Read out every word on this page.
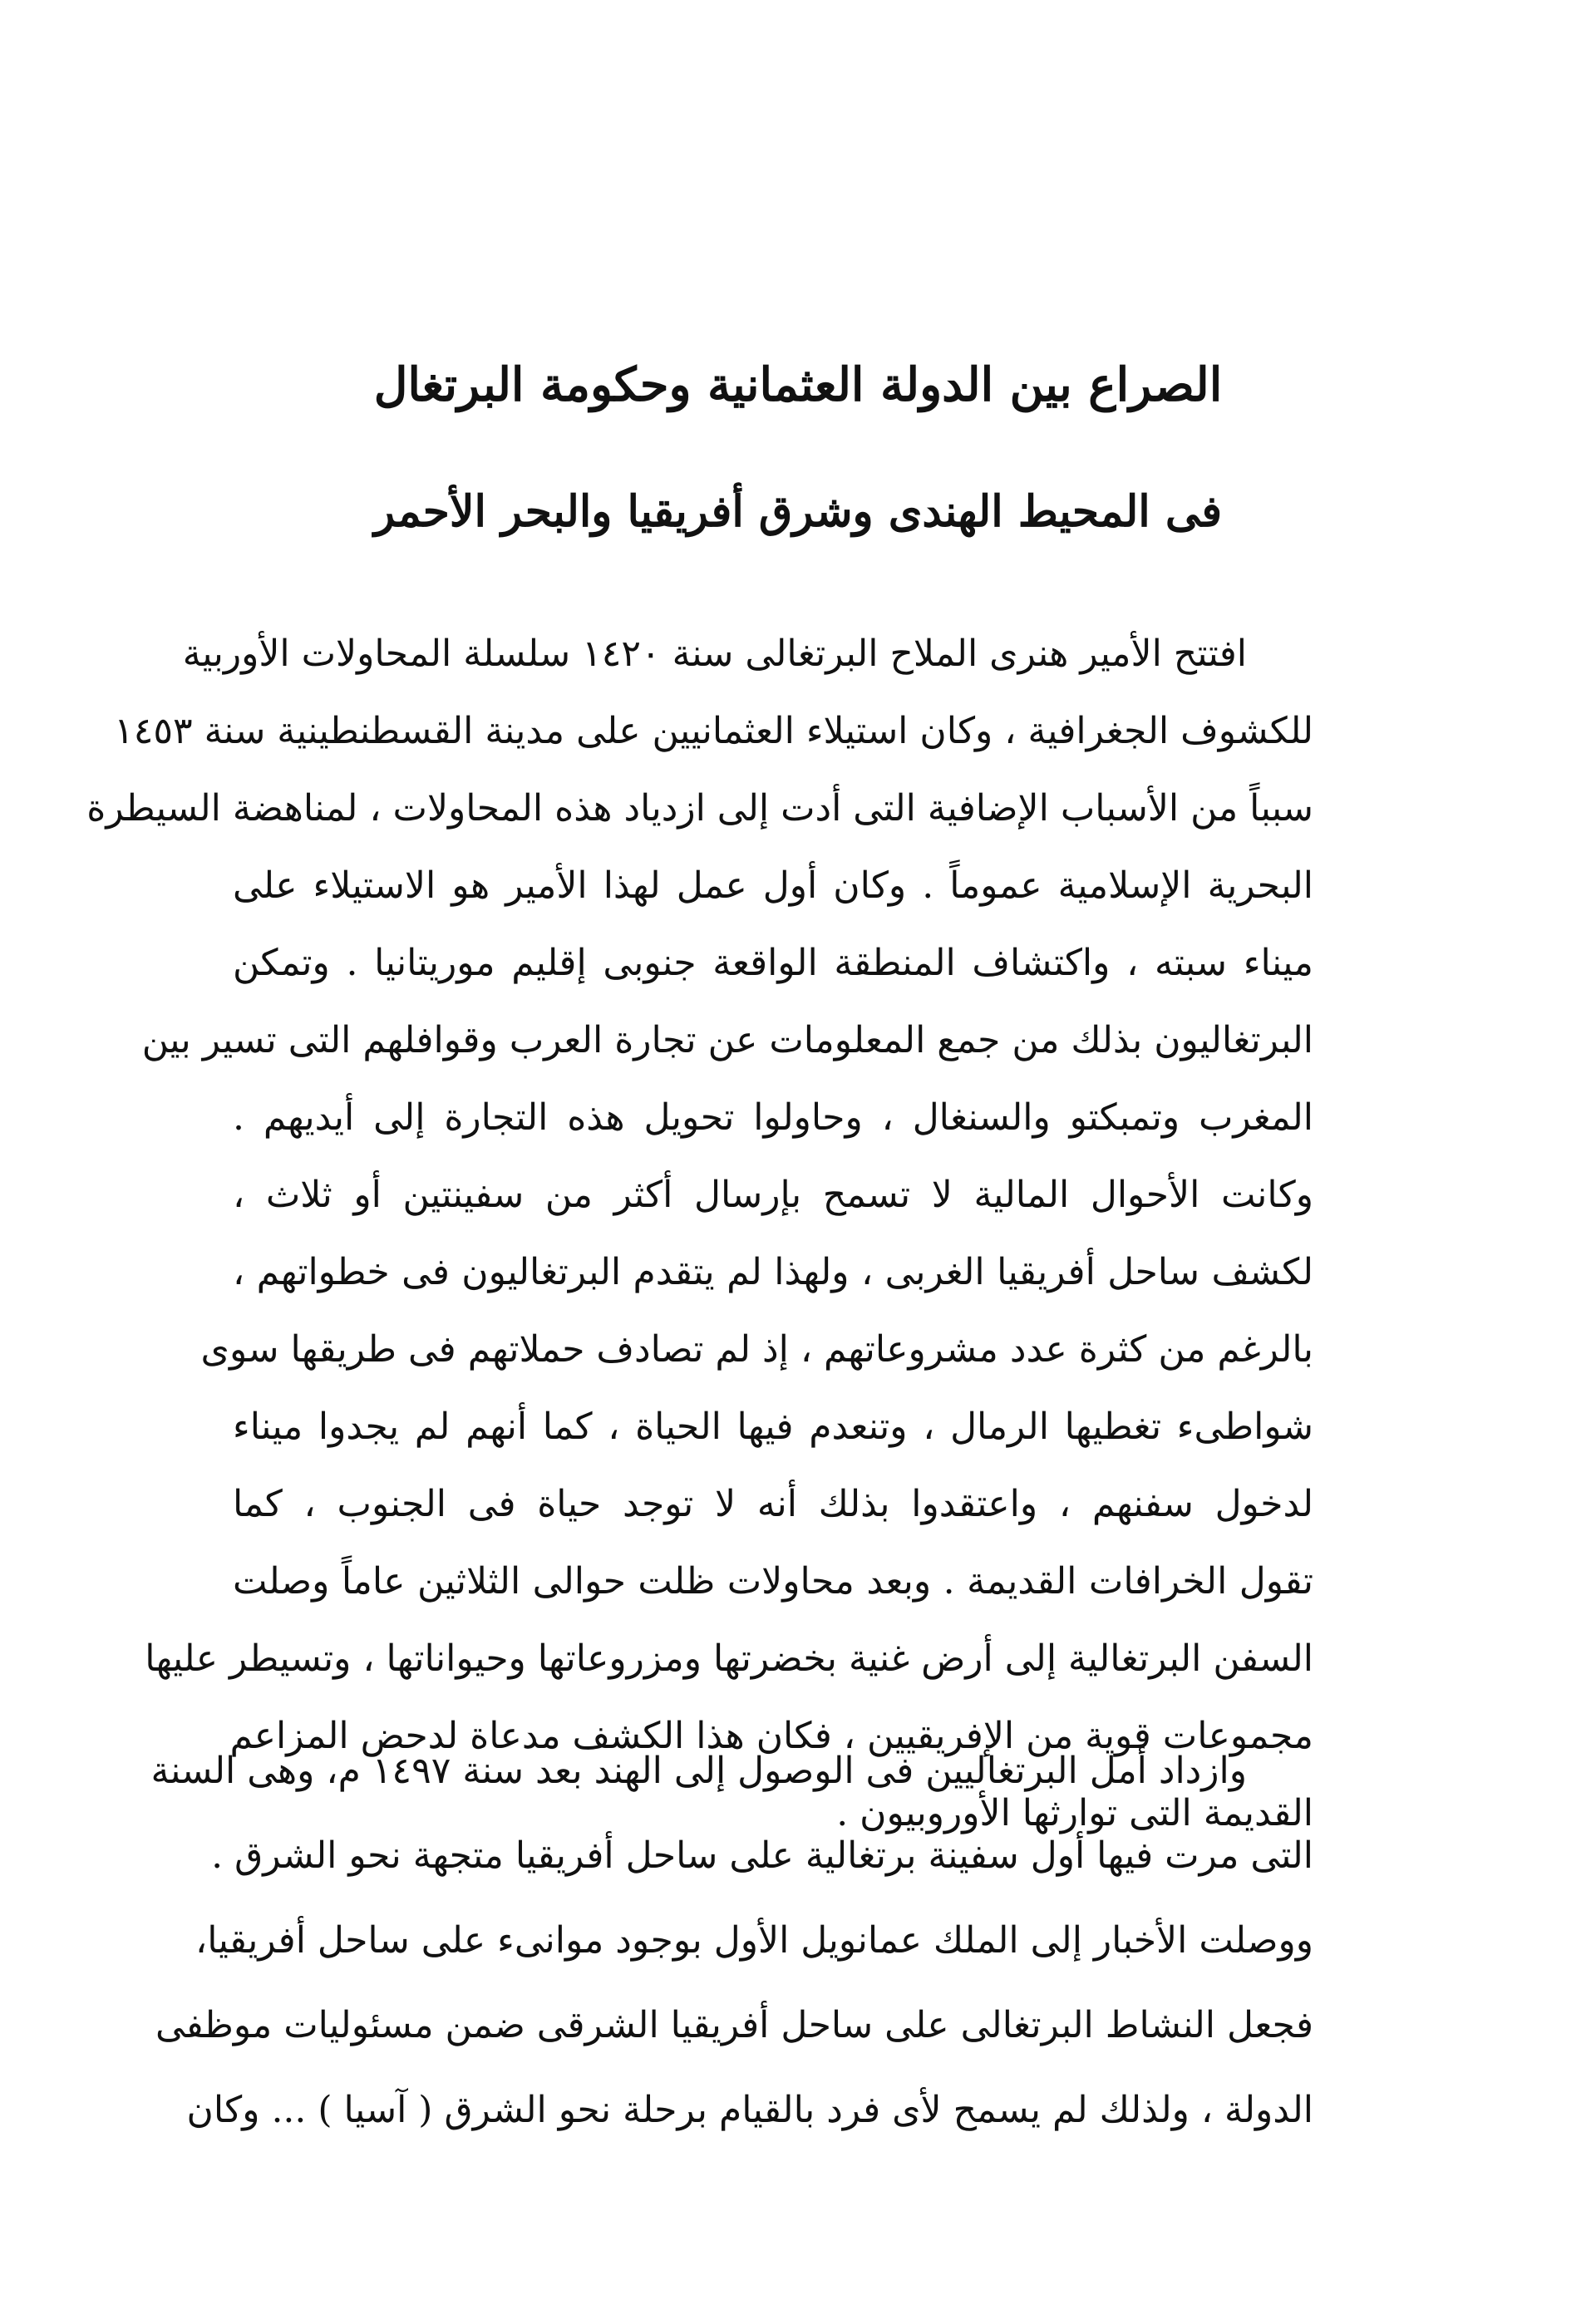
الصراع بين الدولة العثمانية وحكومة البرتغال
فى المحيط الهندى وشرق أفريقيا والبحر الأحمر
افتتح الأمير هنرى الملاح البرتغالى سنة ١٤٢٠ سلسلة المحاولات الأوربية
للكشوف الجغرافية ، وكان استيلاء العثمانيين على مدينة القسطنطينية سنة ١٤٥٣
سبباً من الأسباب الإضافية التى أدت إلى ازدياد هذه المحاولات ، لمناهضة السيطرة
البحرية الإسلامية عموماً . وكان أول عمل لهذا الأمير هو الاستيلاء على
ميناء سبته ، واكتشاف المنطقة الواقعة جنوبى إقليم موريتانيا . وتمكن
البرتغاليون بذلك من جمع المعلومات عن تجارة العرب وقوافلهم التى تسير بين
المغرب وتمبكتو والسنغال ، وحاولوا تحويل هذه التجارة إلى أيديهم .
وكانت الأحوال المالية لا تسمح بإرسال أكثر من سفينتين أو ثلاث ،
لكشف ساحل أفريقيا الغربى ، ولهذا لم يتقدم البرتغاليون فى خطواتهم ،
بالرغم من كثرة عدد مشروعاتهم ، إذ لم تصادف حملاتهم فى طريقها سوى
شواطىء تغطيها الرمال ، وتنعدم فيها الحياة ، كما أنهم لم يجدوا ميناء
لدخول سفنهم ، واعتقدوا بذلك أنه لا توجد حياة فى الجنوب ، كما
تقول الخرافات القديمة . وبعد محاولات ظلت حوالى الثلاثين عاماً وصلت
السفن البرتغالية إلى أرض غنية بخضرتها ومزروعاتها وحيواناتها ، وتسيطر عليها
مجموعات قوية من الإفريقيين ، فكان هذا الكشف مدعاة لدحض المزاعم
القديمة التى توارثها الأوروبيون .
وازداد أمل البرتغاليين فى الوصول إلى الهند بعد سنة ١٤٩٧ م، وهى السنة
التى مرت فيها أول سفينة برتغالية على ساحل أفريقيا متجهة نحو الشرق .
ووصلت الأخبار إلى الملك عمانويل الأول بوجود موانىء على ساحل أفريقيا،
فجعل النشاط البرتغالى على ساحل أفريقيا الشرقى ضمن مسئوليات موظفى
الدولة ، ولذلك لم يسمح لأى فرد بالقيام برحلة نحو الشرق ( آسيا ) ... وكان
